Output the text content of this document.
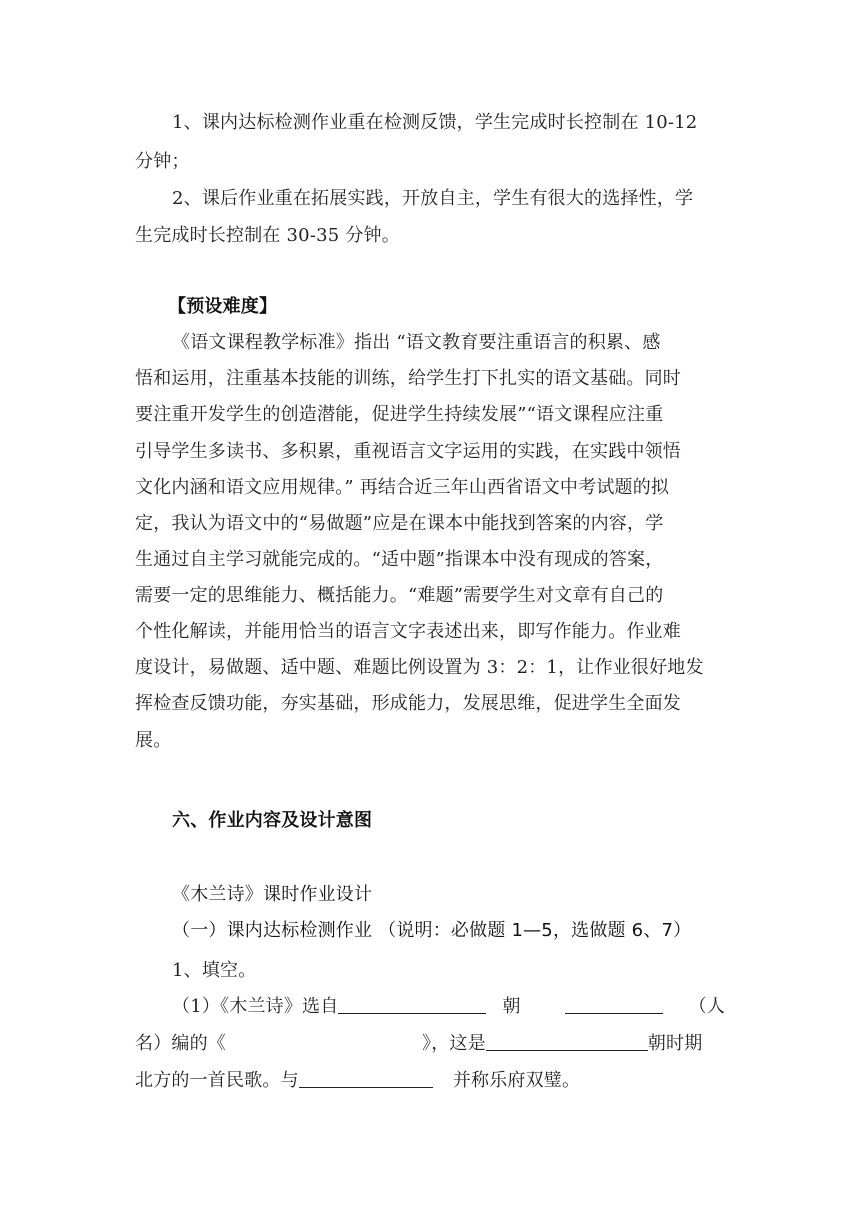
1、课内达标检测作业重在检测反馈，学生完成时长控制在 10-12
分钟；
2、课后作业重在拓展实践，开放自主，学生有很大的选择性，学
生完成时长控制在 30-35 分钟。
【预设难度】
《语文课程教学标准》指出 “语文教育要注重语言的积累、感
悟和运用，注重基本技能的训练，给学生打下扎实的语文基础。同时
要注重开发学生的创造潜能，促进学生持续发展”“语文课程应注重
引导学生多读书、多积累，重视语言文字运用的实践，在实践中领悟
文化内涵和语文应用规律。” 再结合近三年山西省语文中考试题的拟
定，我认为语文中的“易做题”应是在课本中能找到答案的内容，学
生通过自主学习就能完成的。“适中题”指课本中没有现成的答案，
需要一定的思维能力、概括能力。“难题”需要学生对文章有自己的
个性化解读，并能用恰当的语言文字表述出来，即写作能力。作业难
度设计，易做题、适中题、难题比例设置为 3：2：1，让作业很好地发
挥检查反馈功能，夯实基础，形成能力，发展思维，促进学生全面发
展。
六、作业内容及设计意图
《木兰诗》课时作业设计
（一）课内达标检测作业 （说明：必做题 1—5，选做题 6、7）
1、填空。
（1）《木兰诗》选自	朝	（人
名）编的《	》，这是	朝时期
北方的一首民歌。与	并称乐府双璧。
